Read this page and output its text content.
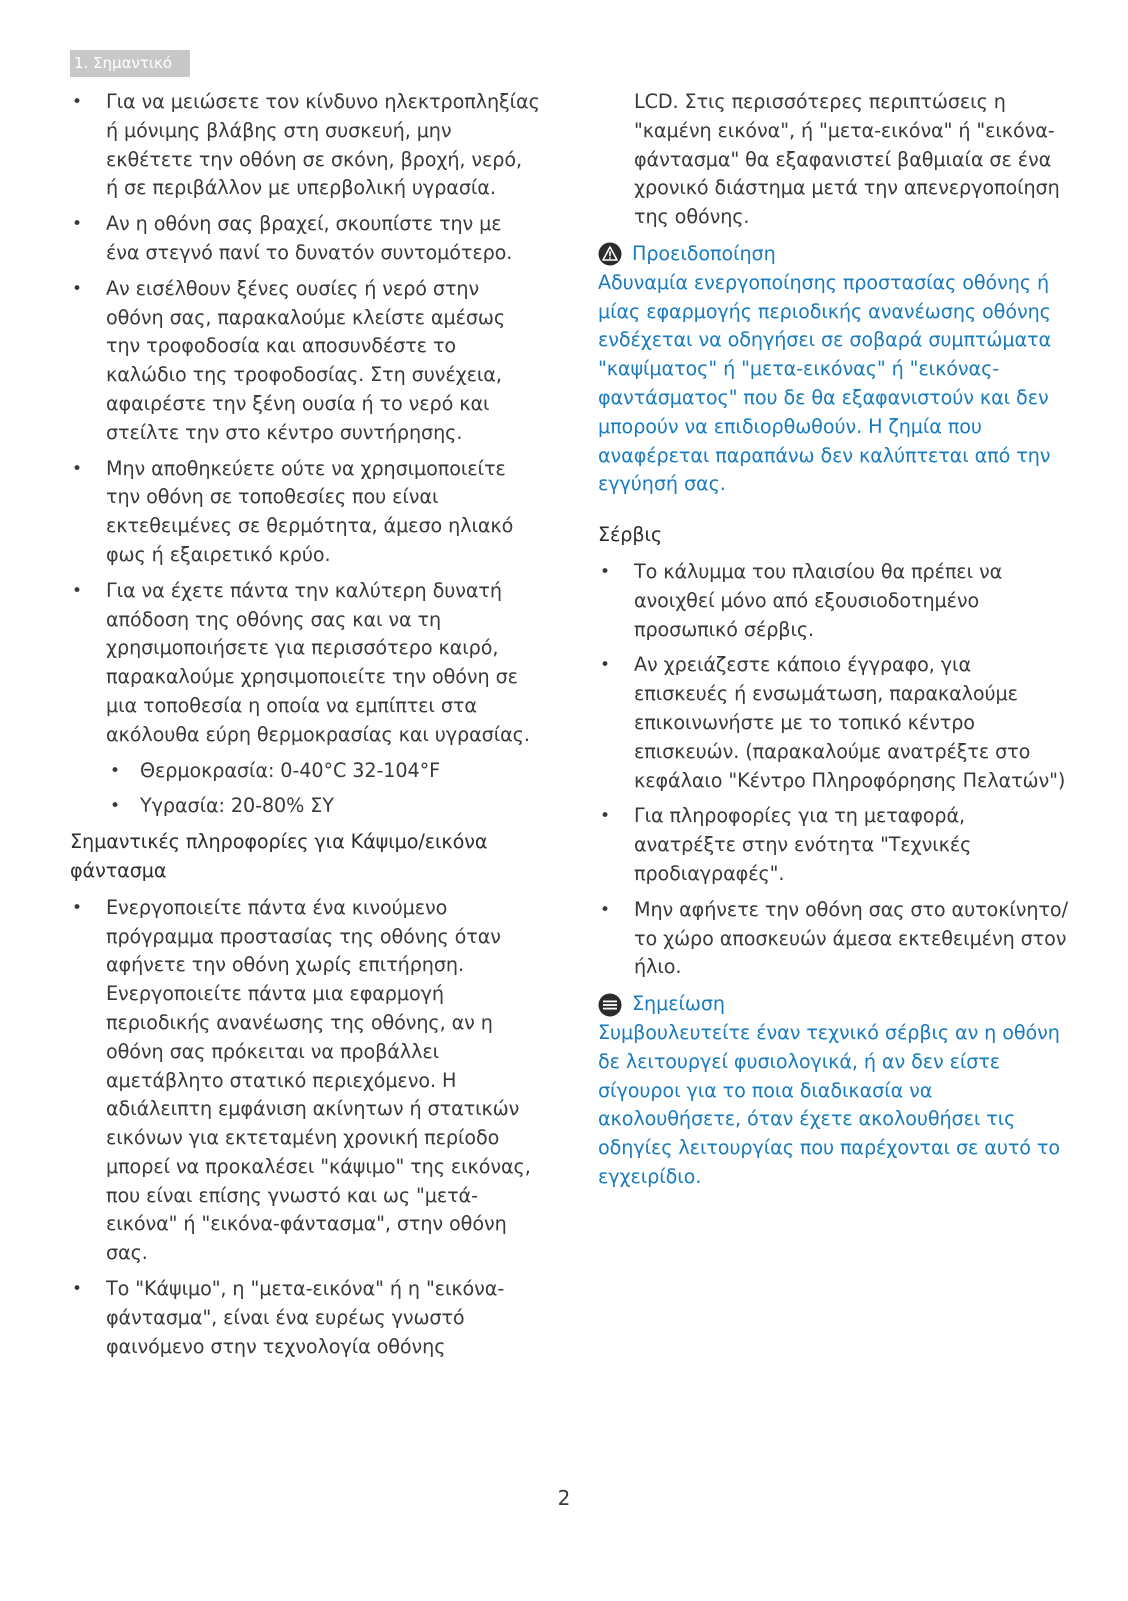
1. Σημαντικό
• Για να μειώσετε τον κίνδυνο ηλεκτροπληξίας ή μόνιμης βλάβης στη συσκευή, μην εκθέτετε την οθόνη σε σκόνη, βροχή, νερό, ή σε περιβάλλον με υπερβολική υγρασία.
• Αν η οθόνη σας βραχεί, σκουπίστε την με ένα στεγνό πανί το δυνατόν συντομότερο.
• Αν εισέλθουν ξένες ουσίες ή νερό στην οθόνη σας, παρακαλούμε κλείστε αμέσως την τροφοδοσία και αποσυνδέστε το καλώδιο της τροφοδοσίας. Στη συνέχεια, αφαιρέστε την ξένη ουσία ή το νερό και στείλτε την στο κέντρο συντήρησης.
• Μην αποθηκεύετε ούτε να χρησιμοποιείτε την οθόνη σε τοποθεσίες που είναι εκτεθειμένες σε θερμότητα, άμεσο ηλιακό φως ή εξαιρετικό κρύο.
• Για να έχετε πάντα την καλύτερη δυνατή απόδοση της οθόνης σας και να τη χρησιμοποιήσετε για περισσότερο καιρό, παρακαλούμε χρησιμοποιείτε την οθόνη σε μια τοποθεσία η οποία να εμπίπτει στα ακόλουθα εύρη θερμοκρασίας και υγρασίας.
• Θερμοκρασία: 0-40°C 32-104°F
• Υγρασία: 20-80% ΣΥ
Σημαντικές πληροφορίες για Κάψιμο/εικόνα φάντασμα
• Ενεργοποιείτε πάντα ένα κινούμενο πρόγραμμα προστασίας της οθόνης όταν αφήνετε την οθόνη χωρίς επιτήρηση. Ενεργοποιείτε πάντα μια εφαρμογή περιοδικής ανανέωσης της οθόνης, αν η οθόνη σας πρόκειται να προβάλλει αμετάβλητο στατικό περιεχόμενο. Η αδιάλειπτη εμφάνιση ακίνητων ή στατικών εικόνων για εκτεταμένη χρονική περίοδο μπορεί να προκαλέσει "κάψιμο" της εικόνας, που είναι επίσης γνωστό και ως "μετά-εικόνα" ή "εικόνα-φάντασμα", στην οθόνη σας.
• Το "Κάψιμο", η "μετα-εικόνα" ή η "εικόνα-φάντασμα", είναι ένα ευρέως γνωστό φαινόμενο στην τεχνολογία οθόνης
LCD. Στις περισσότερες περιπτώσεις η "καμένη εικόνα", ή "μετα-εικόνα" ή "εικόνα-φάντασμα" θα εξαφανιστεί βαθμιαία σε ένα χρονικό διάστημα μετά την απενεργοποίηση της οθόνης.
Προειδοποίηση
Αδυναμία ενεργοποίησης προστασίας οθόνης ή μίας εφαρμογής περιοδικής ανανέωσης οθόνης ενδέχεται να οδηγήσει σε σοβαρά συμπτώματα "καψίματος" ή "μετα-εικόνας" ή "εικόνας-φαντάσματος" που δε θα εξαφανιστούν και δεν μπορούν να επιδιορθωθούν. Η ζημία που αναφέρεται παραπάνω δεν καλύπτεται από την εγγύησή σας.
Σέρβις
• Το κάλυμμα του πλαισίου θα πρέπει να ανοιχθεί μόνο από εξουσιοδοτημένο προσωπικό σέρβις.
• Αν χρειάζεστε κάποιο έγγραφο, για επισκευές ή ενσωμάτωση, παρακαλούμε επικοινωνήστε με το τοπικό κέντρο επισκευών. (παρακαλούμε ανατρέξτε στο κεφάλαιο "Κέντρο Πληροφόρησης Πελατών")
• Για πληροφορίες για τη μεταφορά, ανατρέξτε στην ενότητα "Τεχνικές προδιαγραφές".
• Μην αφήνετε την οθόνη σας στο αυτοκίνητο/το χώρο αποσκευών άμεσα εκτεθειμένη στον ήλιο.
Σημείωση
Συμβουλευτείτε έναν τεχνικό σέρβις αν η οθόνη δε λειτουργεί φυσιολογικά, ή αν δεν είστε σίγουροι για το ποια διαδικασία να ακολουθήσετε, όταν έχετε ακολουθήσει τις οδηγίες λειτουργίας που παρέχονται σε αυτό το εγχειρίδιο.
2
